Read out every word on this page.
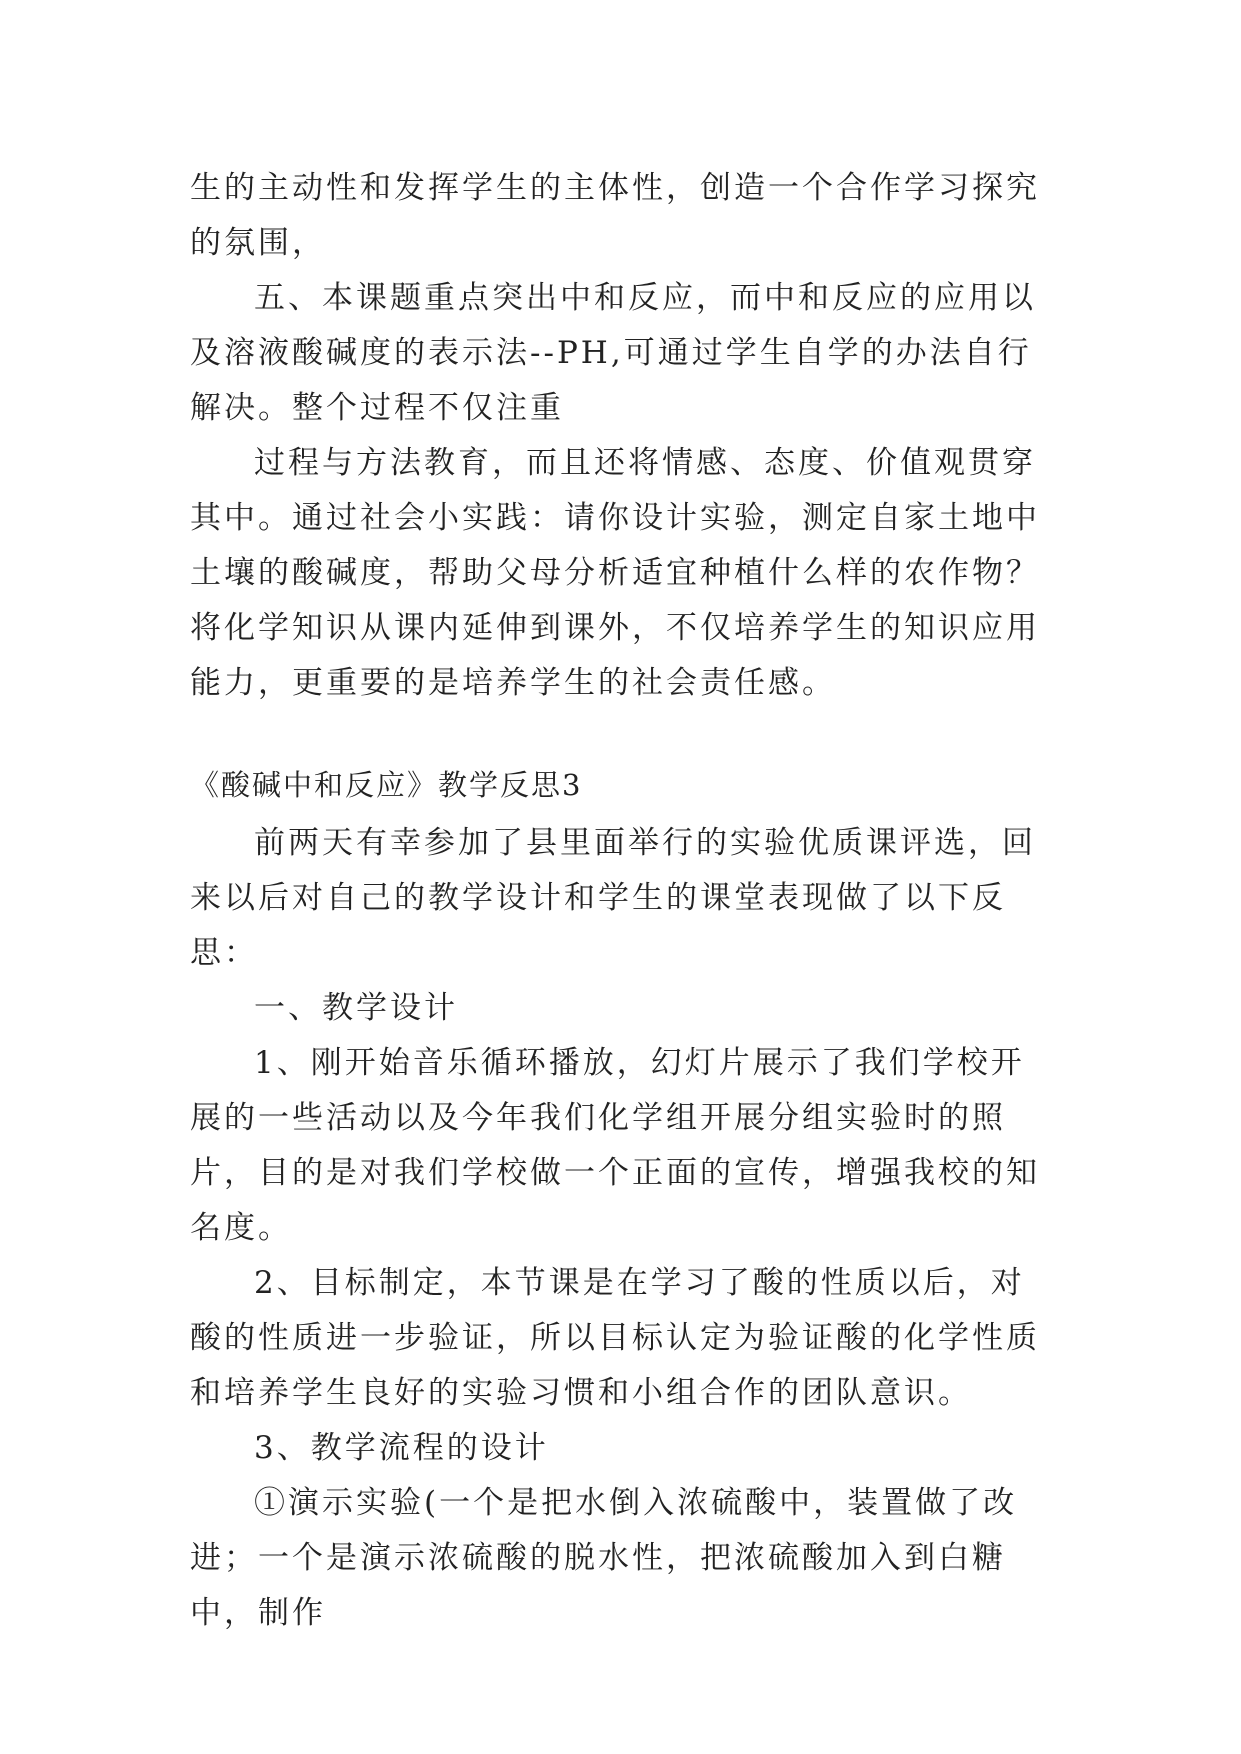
生的主动性和发挥学生的主体性，创造一个合作学习探究的氛围，

五、本课题重点突出中和反应，而中和反应的应用以及溶液酸碱度的表示法--PH,可通过学生自学的办法自行解决。整个过程不仅注重

过程与方法教育，而且还将情感、态度、价值观贯穿其中。通过社会小实践：请你设计实验，测定自家土地中土壤的酸碱度，帮助父母分析适宜种植什么样的农作物？将化学知识从课内延伸到课外，不仅培养学生的知识应用能力，更重要的是培养学生的社会责任感。

《酸碱中和反应》教学反思3

前两天有幸参加了县里面举行的实验优质课评选，回来以后对自己的教学设计和学生的课堂表现做了以下反思：

一、教学设计

1、刚开始音乐循环播放，幻灯片展示了我们学校开展的一些活动以及今年我们化学组开展分组实验时的照片，目的是对我们学校做一个正面的宣传，增强我校的知名度。

2、目标制定，本节课是在学习了酸的性质以后，对酸的性质进一步验证，所以目标认定为验证酸的化学性质和培养学生良好的实验习惯和小组合作的团队意识。

3、教学流程的设计

①演示实验(一个是把水倒入浓硫酸中，装置做了改进；一个是演示浓硫酸的脱水性，把浓硫酸加入到白糖中，制作
